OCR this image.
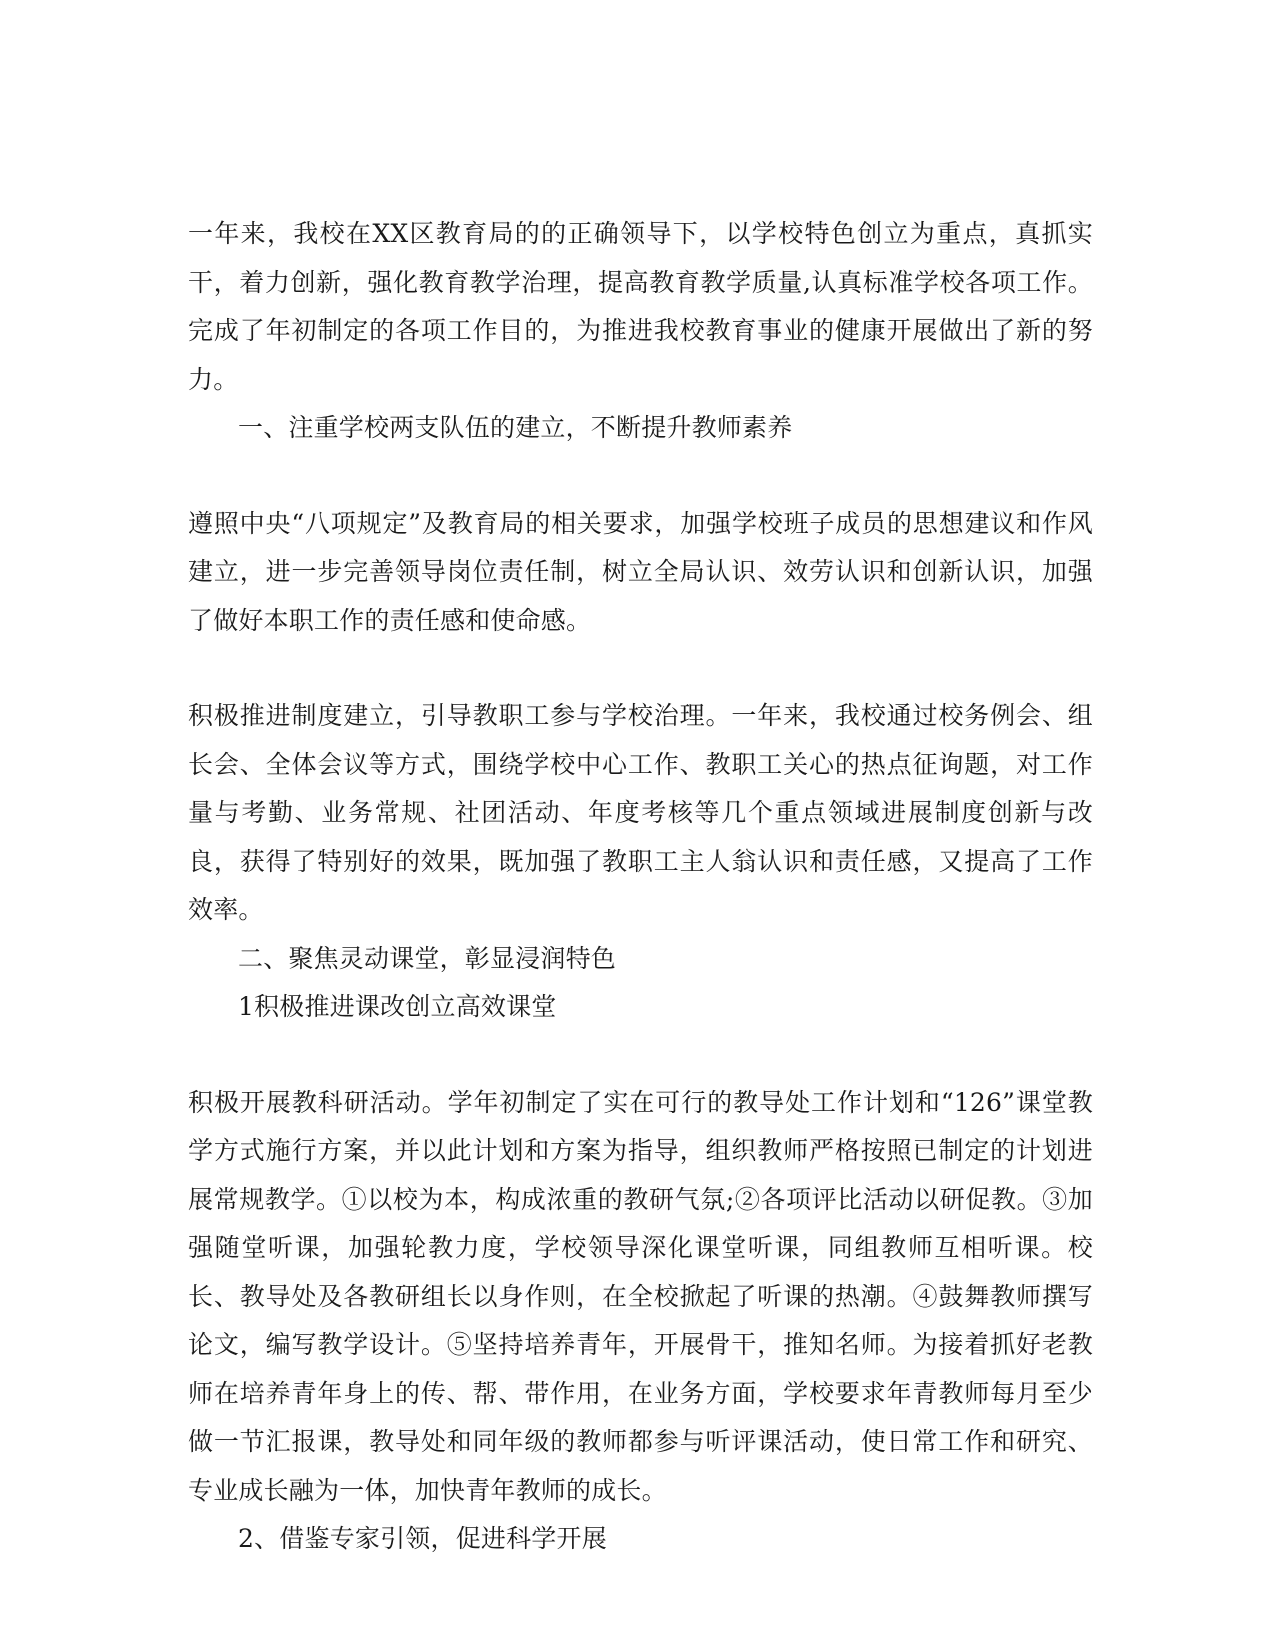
一年来，我校在XX区教育局的的正确领导下，以学校特色创立为重点，真抓实干，着力创新，强化教育教学治理，提高教育教学质量,认真标准学校各项工作。完成了年初制定的各项工作目的，为推进我校教育事业的健康开展做出了新的努力。

一、注重学校两支队伍的建立，不断提升教师素养

遵照中央“八项规定”及教育局的相关要求，加强学校班子成员的思想建议和作风建立，进一步完善领导岗位责任制，树立全局认识、效劳认识和创新认识，加强了做好本职工作的责任感和使命感。

积极推进制度建立，引导教职工参与学校治理。一年来，我校通过校务例会、组长会、全体会议等方式，围绕学校中心工作、教职工关心的热点征询题，对工作量与考勤、业务常规、社团活动、年度考核等几个重点领域进展制度创新与改良，获得了特别好的效果，既加强了教职工主人翁认识和责任感，又提高了工作效率。

二、聚焦灵动课堂，彰显浸润特色

1积极推进课改创立高效课堂

积极开展教科研活动。学年初制定了实在可行的教导处工作计划和“126”课堂教学方式施行方案，并以此计划和方案为指导，组织教师严格按照已制定的计划进展常规教学。①以校为本，构成浓重的教研气氛;②各项评比活动以研促教。③加强随堂听课，加强轮教力度，学校领导深化课堂听课，同组教师互相听课。校长、教导处及各教研组长以身作则，在全校掀起了听课的热潮。④鼓舞教师撰写论文，编写教学设计。⑤坚持培养青年，开展骨干，推知名师。为接着抓好老教师在培养青年身上的传、帮、带作用，在业务方面，学校要求年青教师每月至少做一节汇报课，教导处和同年级的教师都参与听评课活动，使日常工作和研究、专业成长融为一体，加快青年教师的成长。

2、借鉴专家引领，促进科学开展
